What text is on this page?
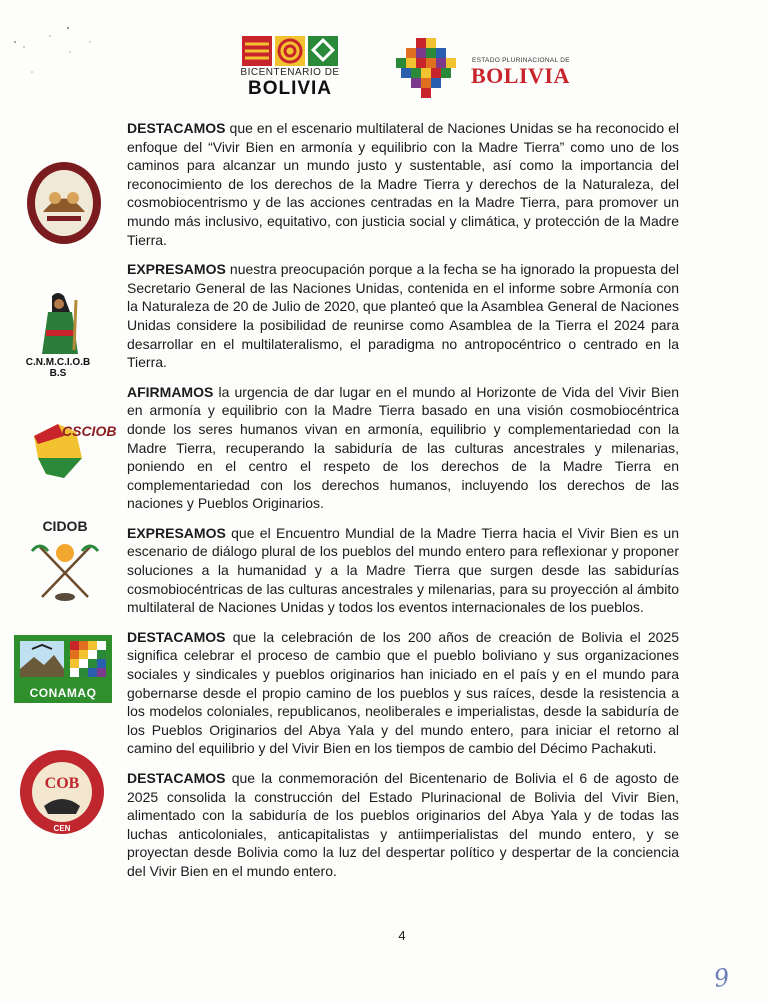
BICENTENARIO DE
BOLIVIA
ESTADO PLURINACIONAL DE
BOLIVIA
C.N.M.C.I.O.B B.S
CSCIOB
CIDOB
CONAMAQ
COB
CEN

DESTACAMOS que en el escenario multilateral de Naciones Unidas se ha reconocido el enfoque del “Vivir Bien en armonía y equilibrio con la Madre Tierra” como uno de los caminos para alcanzar un mundo justo y sustentable, así como la importancia del reconocimiento de los derechos de la Madre Tierra y derechos de la Naturaleza, del cosmobiocentrismo y de las acciones centradas en la Madre Tierra, para promover un mundo más inclusivo, equitativo, con justicia social y climática, y protección de la Madre Tierra.

EXPRESAMOS nuestra preocupación porque a la fecha se ha ignorado la propuesta del Secretario General de las Naciones Unidas, contenida en el informe sobre Armonía con la Naturaleza de 20 de Julio de 2020, que planteó que la Asamblea General de Naciones Unidas considere la posibilidad de reunirse como Asamblea de la Tierra el 2024 para desarrollar en el multilateralismo, el paradigma no antropocéntrico o centrado en la Tierra.

AFIRMAMOS la urgencia de dar lugar en el mundo al Horizonte de Vida del Vivir Bien en armonía y equilibrio con la Madre Tierra basado en una visión cosmobiocéntrica donde los seres humanos vivan en armonía, equilibrio y complementariedad con la Madre Tierra, recuperando la sabiduría de las culturas ancestrales y milenarias, poniendo en el centro el respeto de los derechos de la Madre Tierra en complementariedad con los derechos humanos, incluyendo los derechos de las naciones y Pueblos Originarios.

EXPRESAMOS que el Encuentro Mundial de la Madre Tierra hacia el Vivir Bien es un escenario de diálogo plural de los pueblos del mundo entero para reflexionar y proponer soluciones a la humanidad y a la Madre Tierra que surgen desde las sabidurías cosmobiocéntricas de las culturas ancestrales y milenarias, para su proyección al ámbito multilateral de Naciones Unidas y todos los eventos internacionales de los pueblos.

DESTACAMOS que la celebración de los 200 años de creación de Bolivia el 2025 significa celebrar el proceso de cambio que el pueblo boliviano y sus organizaciones sociales y sindicales y pueblos originarios han iniciado en el país y en el mundo para gobernarse desde el propio camino de los pueblos y sus raíces, desde la resistencia a los modelos coloniales, republicanos, neoliberales e imperialistas, desde la sabiduría de los Pueblos Originarios del Abya Yala y del mundo entero, para iniciar el retorno al camino del equilibrio y del Vivir Bien en los tiempos de cambio del Décimo Pachakuti.

DESTACAMOS que la conmemoración del Bicentenario de Bolivia el 6 de agosto de 2025 consolida la construcción del Estado Plurinacional de Bolivia del Vivir Bien, alimentado con la sabiduría de los pueblos originarios del Abya Yala y de todas las luchas anticoloniales, anticapitalistas y antiimperialistas del mundo entero, y se proyectan desde Bolivia como la luz del despertar político y despertar de la conciencia del Vivir Bien en el mundo entero.

4
9
